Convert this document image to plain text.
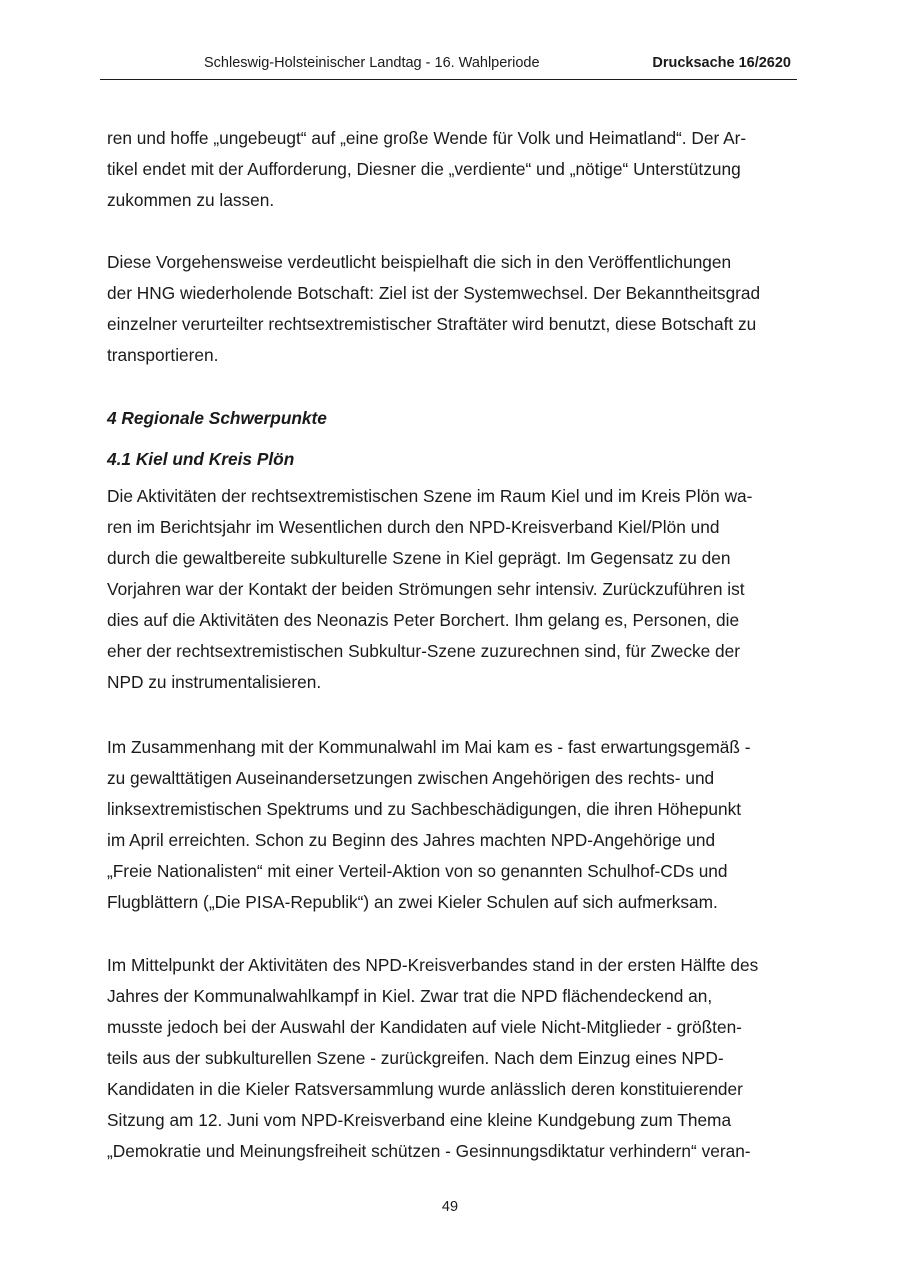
Schleswig-Holsteinischer Landtag - 16. Wahlperiode	Drucksache 16/2620
ren und hoffe „ungebeugt“ auf „eine große Wende für Volk und Heimatland“. Der Ar-
tikel endet mit der Aufforderung, Diesner die „verdiente“ und „nötige“ Unterstützung
zukommen zu lassen.
Diese Vorgehensweise verdeutlicht beispielhaft die sich in den Veröffentlichungen
der HNG wiederholende Botschaft: Ziel ist der Systemwechsel. Der Bekanntheitsgrad
einzelner verurteilter rechtsextremistischer Straftäter wird benutzt, diese Botschaft zu
transportieren.
4 Regionale Schwerpunkte
4.1 Kiel und Kreis Plön
Die Aktivitäten der rechtsextremistischen Szene im Raum Kiel und im Kreis Plön wa-
ren im Berichtsjahr im Wesentlichen durch den NPD-Kreisverband Kiel/Plön und
durch die gewaltbereite subkulturelle Szene in Kiel geprägt. Im Gegensatz zu den
Vorjahren war der Kontakt der beiden Strömungen sehr intensiv. Zurückzuführen ist
dies auf die Aktivitäten des Neonazis Peter Borchert. Ihm gelang es, Personen, die
eher der rechtsextremistischen Subkultur-Szene zuzurechnen sind, für Zwecke der
NPD zu instrumentalisieren.
Im Zusammenhang mit der Kommunalwahl im Mai kam es - fast erwartungsgemäß -
zu gewalttätigen Auseinandersetzungen zwischen Angehörigen des rechts- und
linksextremistischen Spektrums und zu Sachbeschädigungen, die ihren Höhepunkt
im April erreichten. Schon zu Beginn des Jahres machten NPD-Angehörige und
„Freie Nationalisten“ mit einer Verteil-Aktion von so genannten Schulhof-CDs und
Flugblättern („Die PISA-Republik“) an zwei Kieler Schulen auf sich aufmerksam.
Im Mittelpunkt der Aktivitäten des NPD-Kreisverbandes stand in der ersten Hälfte des
Jahres der Kommunalwahlkampf in Kiel. Zwar trat die NPD flächendeckend an,
musste jedoch bei der Auswahl der Kandidaten auf viele Nicht-Mitglieder - größten-
teils aus der subkulturellen Szene - zurückgreifen. Nach dem Einzug eines NPD-
Kandidaten in die Kieler Ratsversammlung wurde anlässlich deren konstituierender
Sitzung am 12. Juni vom NPD-Kreisverband eine kleine Kundgebung zum Thema
„Demokratie und Meinungsfreiheit schützen - Gesinnungsdiktatur verhindern“ veran-
49
